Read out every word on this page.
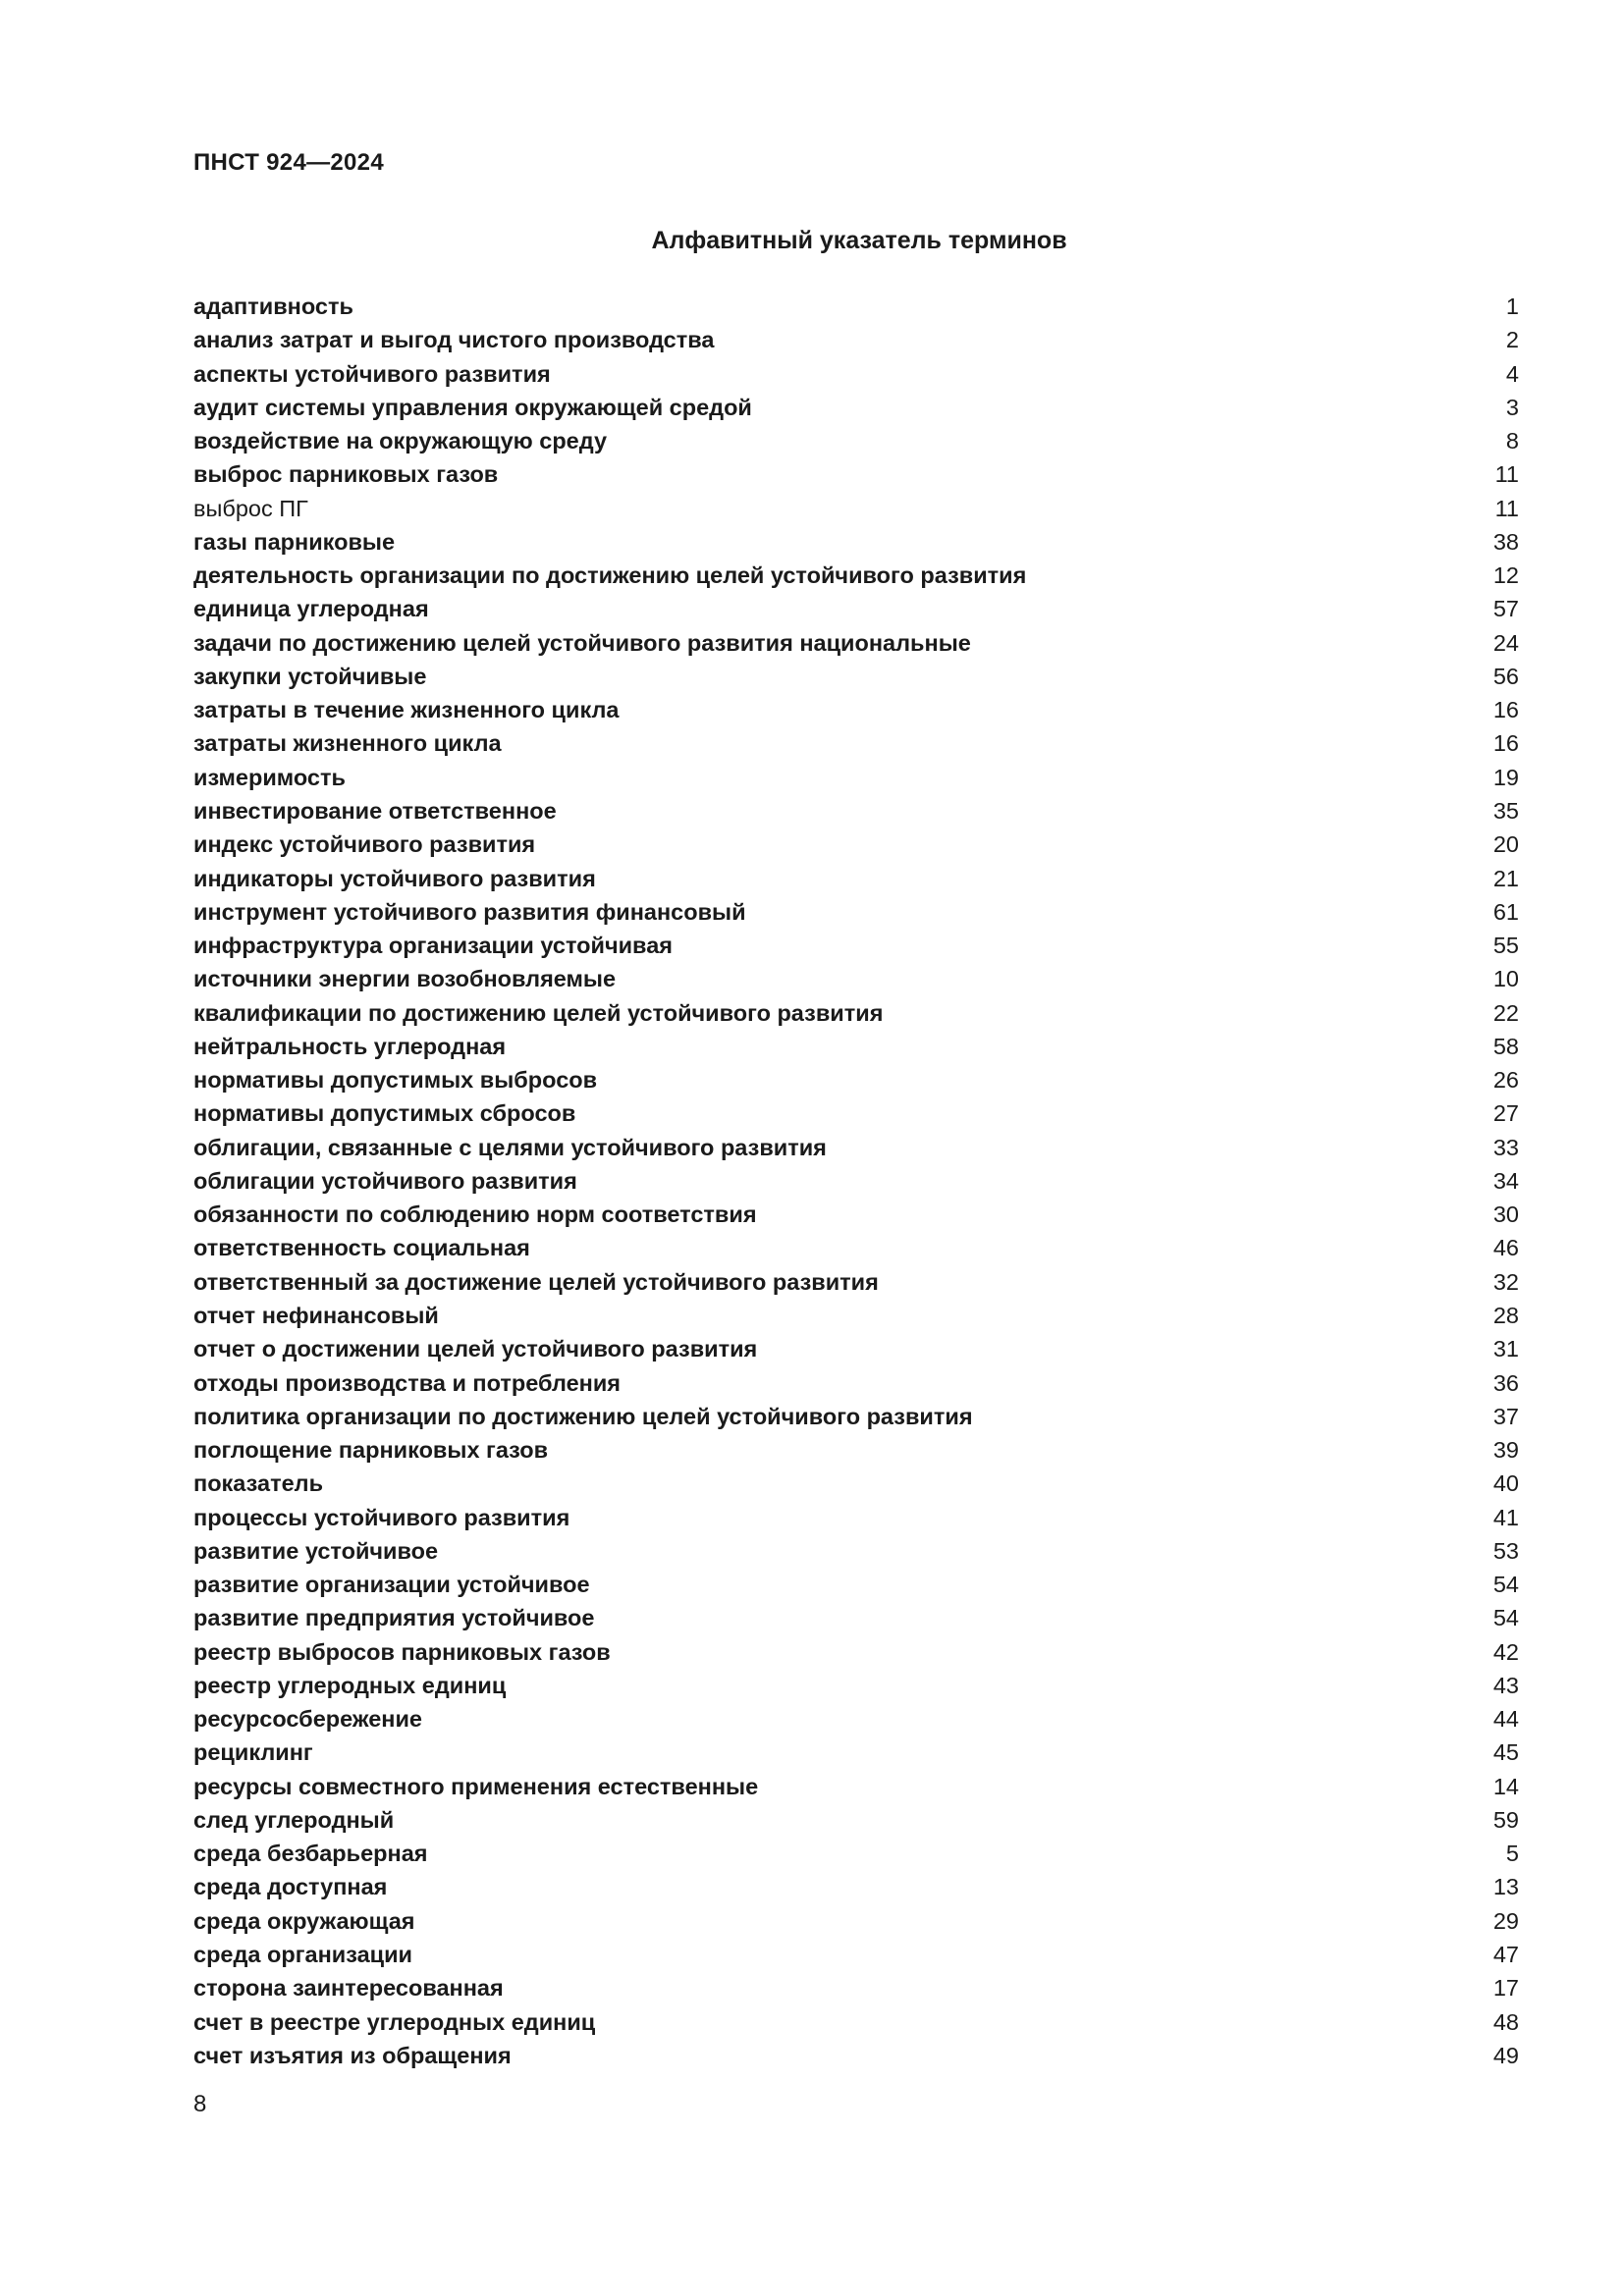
ПНСТ 924—2024
Алфавитный указатель терминов
адаптивность	1
анализ затрат и выгод чистого производства	2
аспекты устойчивого развития	4
аудит системы управления окружающей средой	3
воздействие на окружающую среду	8
выброс парниковых газов	11
выброс ПГ	11
газы парниковые	38
деятельность организации по достижению целей устойчивого развития	12
единица углеродная	57
задачи по достижению целей устойчивого развития национальные	24
закупки устойчивые	56
затраты в течение жизненного цикла	16
затраты жизненного цикла	16
измеримость	19
инвестирование ответственное	35
индекс устойчивого развития	20
индикаторы устойчивого развития	21
инструмент устойчивого развития финансовый	61
инфраструктура организации устойчивая	55
источники энергии возобновляемые	10
квалификации по достижению целей устойчивого развития	22
нейтральность углеродная	58
нормативы допустимых выбросов	26
нормативы допустимых сбросов	27
облигации, связанные с целями устойчивого развития	33
облигации устойчивого развития	34
обязанности по соблюдению норм соответствия	30
ответственность социальная	46
ответственный за достижение целей устойчивого развития	32
отчет нефинансовый	28
отчет о достижении целей устойчивого развития	31
отходы производства и потребления	36
политика организации по достижению целей устойчивого развития	37
поглощение парниковых газов	39
показатель	40
процессы устойчивого развития	41
развитие устойчивое	53
развитие организации устойчивое	54
развитие предприятия устойчивое	54
реестр выбросов парниковых газов	42
реестр углеродных единиц	43
ресурсосбережение	44
рециклинг	45
ресурсы совместного применения естественные	14
след углеродный	59
среда безбарьерная	5
среда доступная	13
среда окружающая	29
среда организации	47
сторона заинтересованная	17
счет в реестре углеродных единиц	48
счет изъятия из обращения	49
8
